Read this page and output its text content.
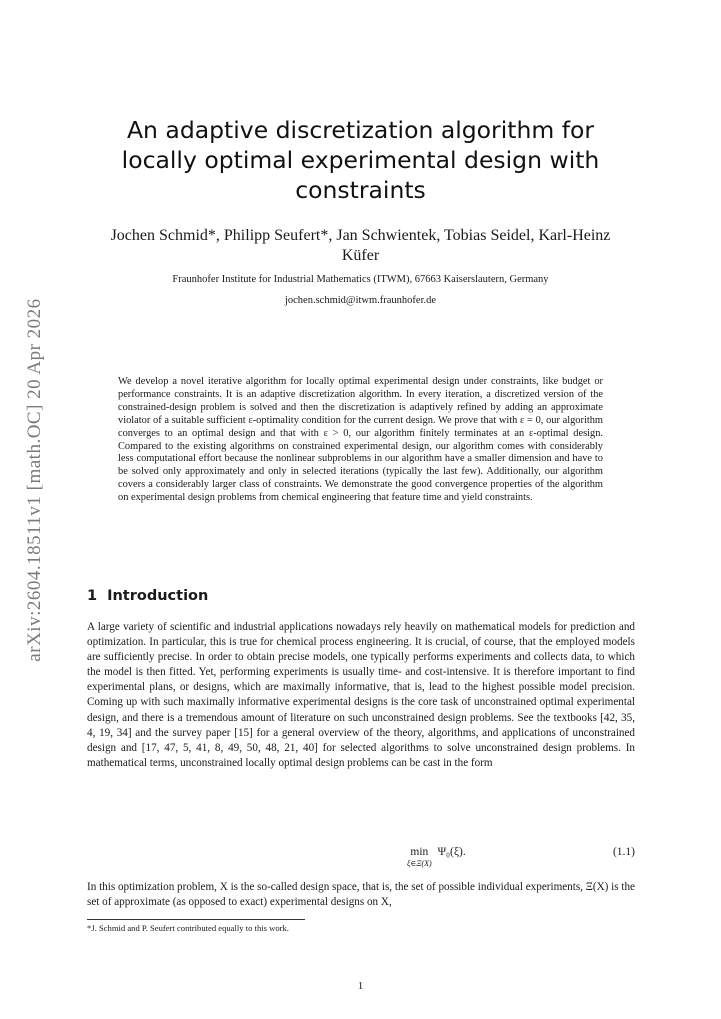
arXiv:2604.18511v1 [math.OC] 20 Apr 2026
An adaptive discretization algorithm for locally optimal experimental design with constraints
Jochen Schmid*, Philipp Seufert*, Jan Schwientek, Tobias Seidel, Karl-Heinz Küfer
Fraunhofer Institute for Industrial Mathematics (ITWM), 67663 Kaiserslautern, Germany
jochen.schmid@itwm.fraunhofer.de

We develop a novel iterative algorithm for locally optimal experimental design under constraints, like budget or performance constraints. It is an adaptive discretization algorithm. In every iteration, a discretized version of the constrained-design problem is solved and then the discretization is adaptively refined by adding an approximate violator of a suitable sufficient ε-optimality condition for the current design. We prove that with ε = 0, our algorithm converges to an optimal design and that with ε > 0, our algorithm finitely terminates at an ε-optimal design. Compared to the existing algorithms on constrained experimental design, our algorithm comes with considerably less computational effort because the nonlinear subproblems in our algorithm have a smaller dimension and have to be solved only approximately and only in selected iterations (typically the last few). Additionally, our algorithm covers a considerably larger class of constraints. We demonstrate the good convergence properties of the algorithm on experimental design problems from chemical engineering that feature time and yield constraints.

1 Introduction

A large variety of scientific and industrial applications nowadays rely heavily on mathematical models for prediction and optimization. In particular, this is true for chemical process engineering. It is crucial, of course, that the employed models are sufficiently precise. In order to obtain precise models, one typically performs experiments and collects data, to which the model is then fitted. Yet, performing experiments is usually time- and cost-intensive. It is therefore important to find experimental plans, or designs, which are maximally informative, that is, lead to the highest possible model precision. Coming up with such maximally informative experimental designs is the core task of unconstrained optimal experimental design, and there is a tremendous amount of literature on such unconstrained design problems. See the textbooks [42, 35, 4, 19, 34] and the survey paper [15] for a general overview of the theory, algorithms, and applications of unconstrained design and [17, 47, 5, 41, 8, 49, 50, 48, 21, 40] for selected algorithms to solve unconstrained design problems. In mathematical terms, unconstrained locally optimal design problems can be cast in the form

min
ξ∈Ξ(X)
Ψ₀(ξ).	(1.1)

In this optimization problem, X is the so-called design space, that is, the set of possible individual experiments, Ξ(X) is the set of approximate (as opposed to exact) experimental designs on X,

*J. Schmid and P. Seufert contributed equally to this work.
1
